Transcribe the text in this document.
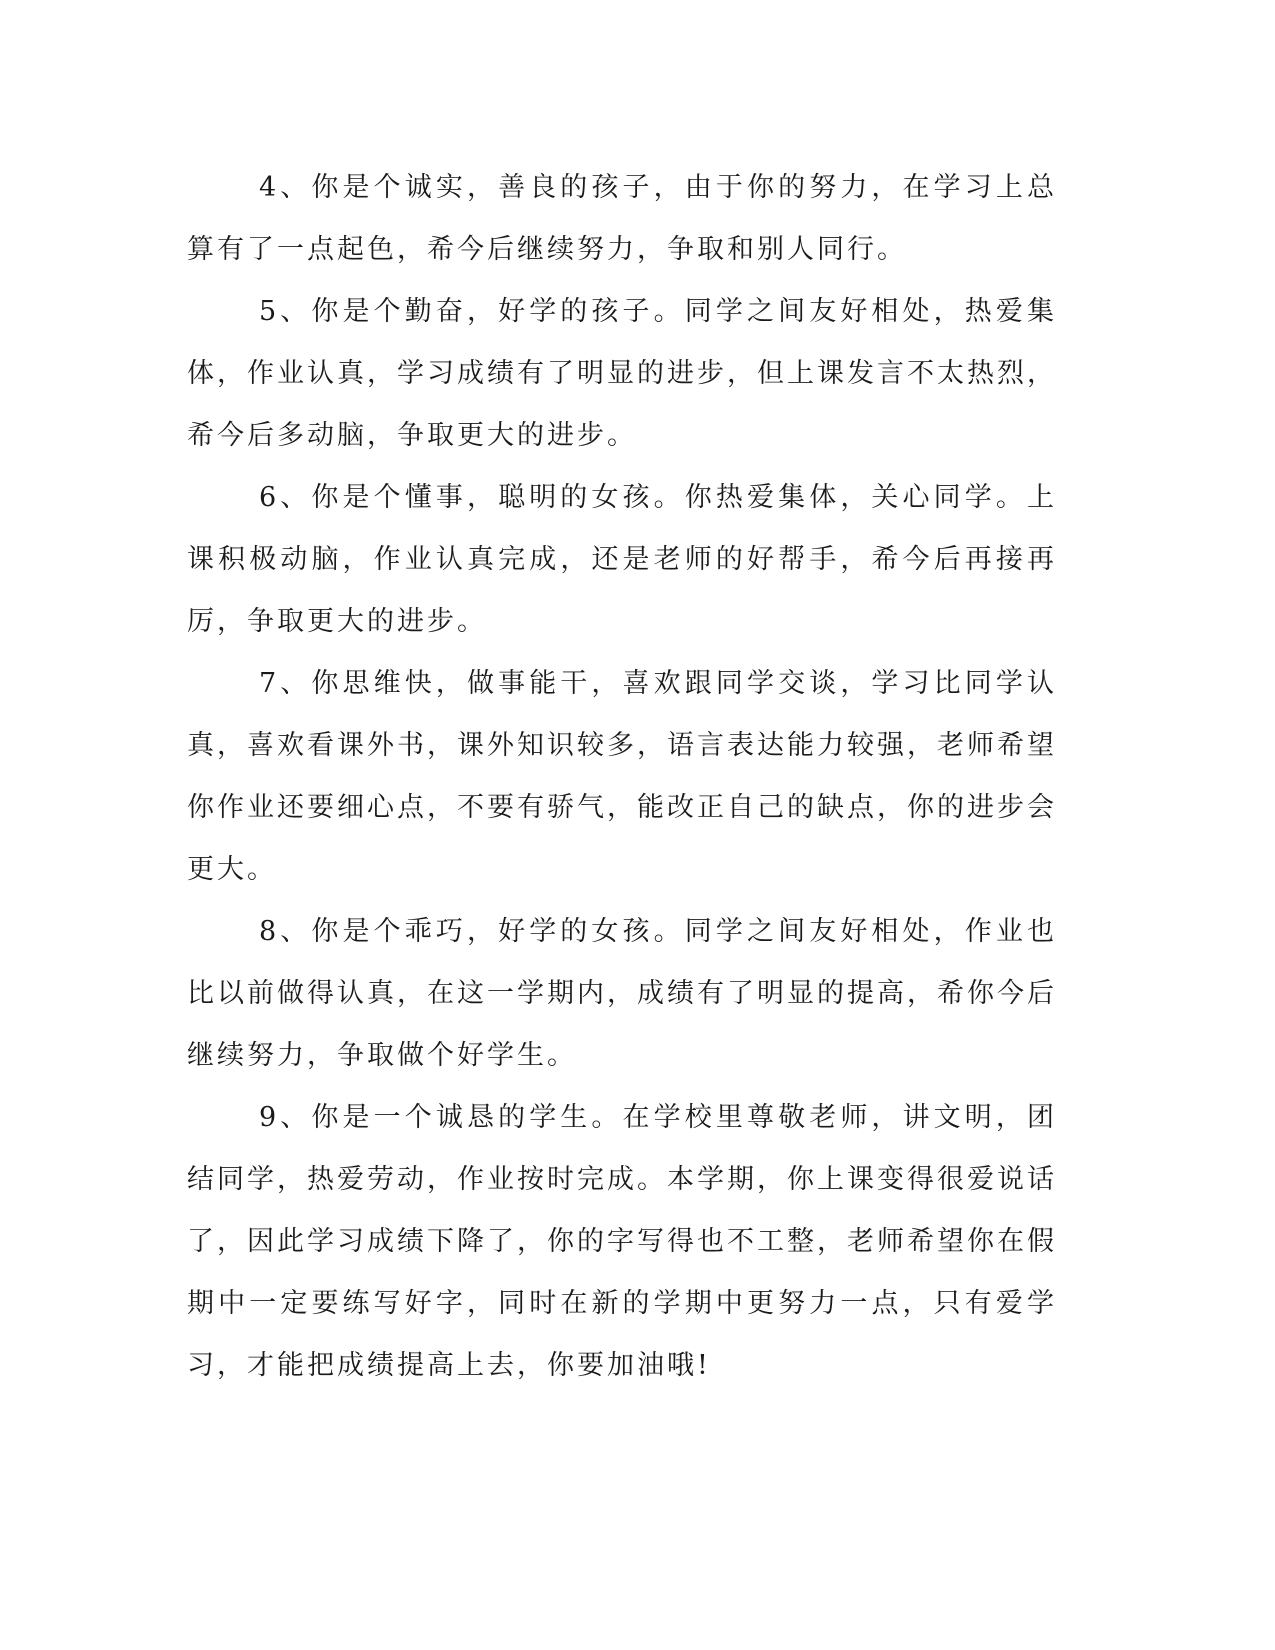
4、你是个诚实，善良的孩子，由于你的努力，在学习上总算有了一点起色，希今后继续努力，争取和别人同行。

5、你是个勤奋，好学的孩子。同学之间友好相处，热爱集体，作业认真，学习成绩有了明显的进步，但上课发言不太热烈，希今后多动脑，争取更大的进步。

6、你是个懂事，聪明的女孩。你热爱集体，关心同学。上课积极动脑，作业认真完成，还是老师的好帮手，希今后再接再厉，争取更大的进步。

7、你思维快，做事能干，喜欢跟同学交谈，学习比同学认真，喜欢看课外书，课外知识较多，语言表达能力较强，老师希望你作业还要细心点，不要有骄气，能改正自己的缺点，你的进步会更大。

8、你是个乖巧，好学的女孩。同学之间友好相处，作业也比以前做得认真，在这一学期内，成绩有了明显的提高，希你今后继续努力，争取做个好学生。

9、你是一个诚恳的学生。在学校里尊敬老师，讲文明，团结同学，热爱劳动，作业按时完成。本学期，你上课变得很爱说话了，因此学习成绩下降了，你的字写得也不工整，老师希望你在假期中一定要练写好字，同时在新的学期中更努力一点，只有爱学习，才能把成绩提高上去，你要加油哦!
